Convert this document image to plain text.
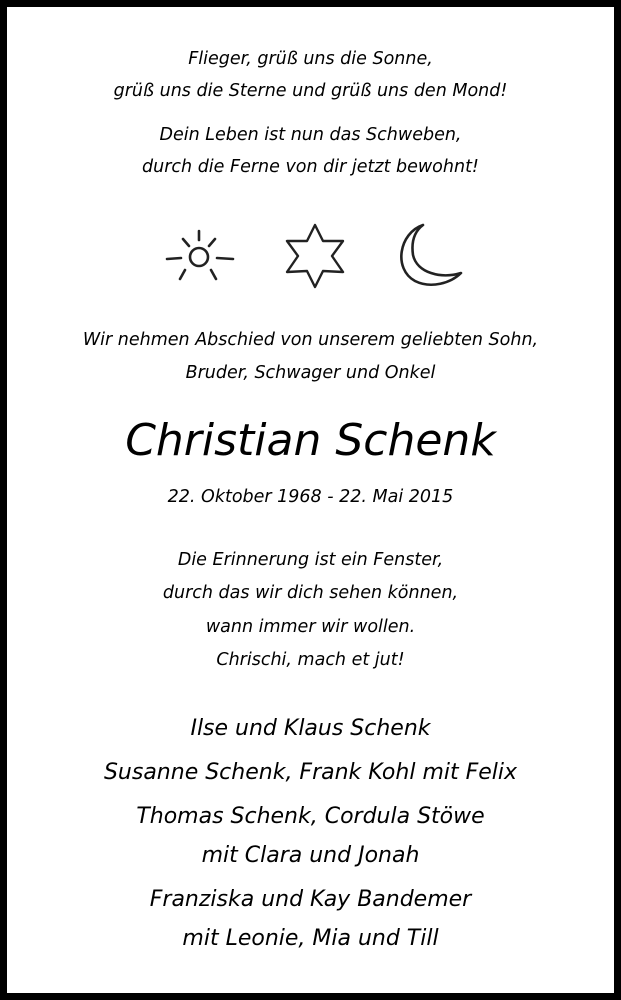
Flieger, grüß uns die Sonne,
grüß uns die Sterne und grüß uns den Mond!
Dein Leben ist nun das Schweben,
durch die Ferne von dir jetzt bewohnt!
Wir nehmen Abschied von unserem geliebten Sohn,
Bruder, Schwager und Onkel
Christian Schenk
22. Oktober 1968 - 22. Mai 2015
Die Erinnerung ist ein Fenster,
durch das wir dich sehen können,
wann immer wir wollen.
Chrischi, mach et jut!
Ilse und Klaus Schenk
Susanne Schenk, Frank Kohl mit Felix
Thomas Schenk, Cordula Stöwe
mit Clara und Jonah
Franziska und Kay Bandemer
mit Leonie, Mia und Till
